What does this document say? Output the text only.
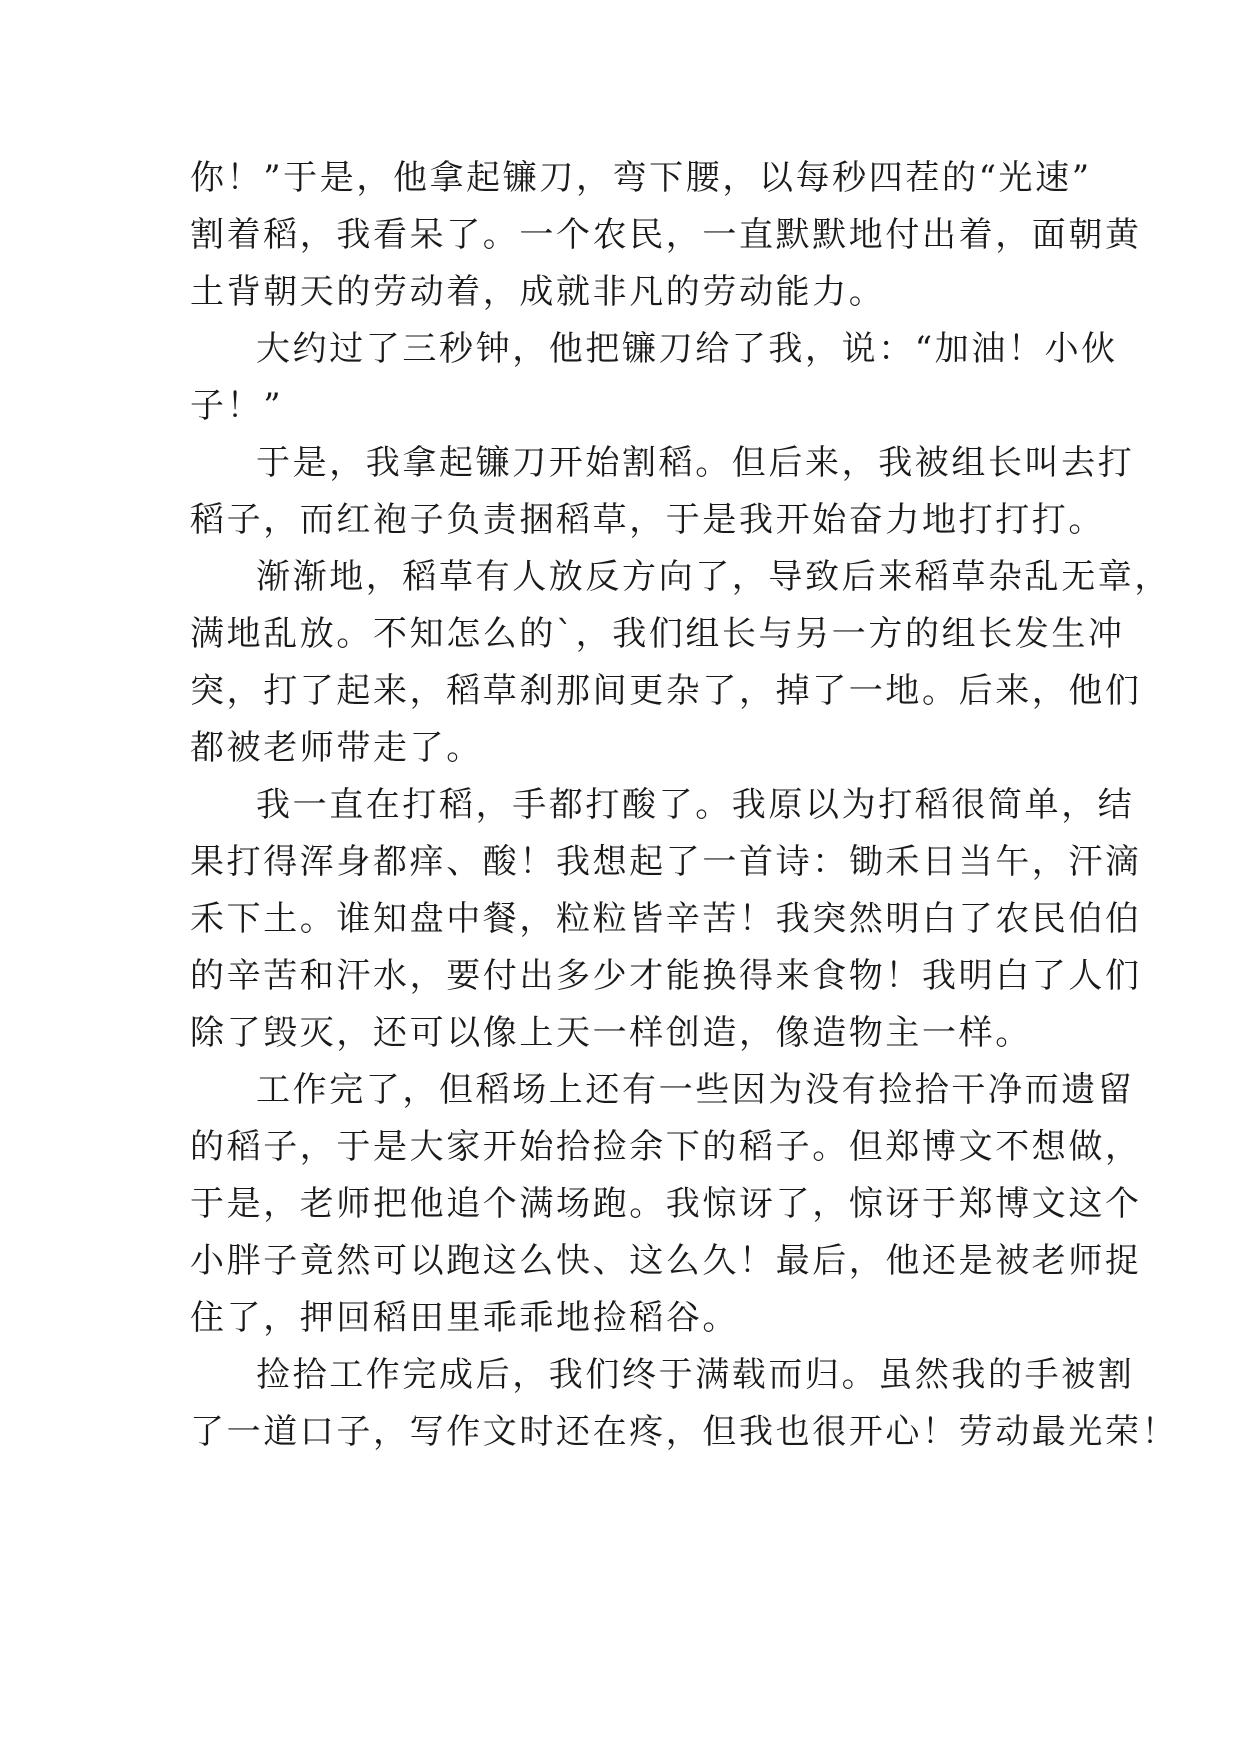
你！”于是，他拿起镰刀，弯下腰，以每秒四茬的“光速”
割着稻，我看呆了。一个农民，一直默默地付出着，面朝黄
土背朝天的劳动着，成就非凡的劳动能力。
大约过了三秒钟，他把镰刀给了我，说：“加油！小伙
子！”
于是，我拿起镰刀开始割稻。但后来，我被组长叫去打
稻子，而红袍子负责捆稻草，于是我开始奋力地打打打。
渐渐地，稻草有人放反方向了，导致后来稻草杂乱无章，
满地乱放。不知怎么的`，我们组长与另一方的组长发生冲
突，打了起来，稻草刹那间更杂了，掉了一地。后来，他们
都被老师带走了。
我一直在打稻，手都打酸了。我原以为打稻很简单，结
果打得浑身都痒、酸！我想起了一首诗：锄禾日当午，汗滴
禾下土。谁知盘中餐，粒粒皆辛苦！我突然明白了农民伯伯
的辛苦和汗水，要付出多少才能换得来食物！我明白了人们
除了毁灭，还可以像上天一样创造，像造物主一样。
工作完了，但稻场上还有一些因为没有捡拾干净而遗留
的稻子，于是大家开始拾捡余下的稻子。但郑博文不想做，
于是，老师把他追个满场跑。我惊讶了，惊讶于郑博文这个
小胖子竟然可以跑这么快、这么久！最后，他还是被老师捉
住了，押回稻田里乖乖地捡稻谷。
捡拾工作完成后，我们终于满载而归。虽然我的手被割
了一道口子，写作文时还在疼，但我也很开心！劳动最光荣！
